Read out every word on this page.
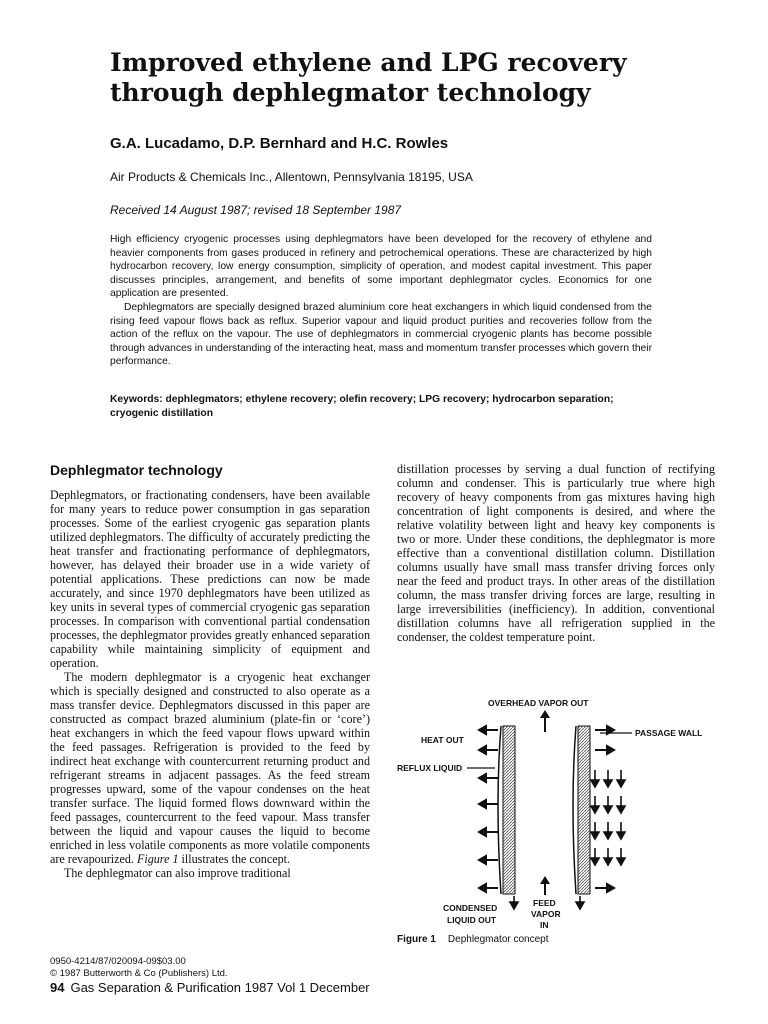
Improved ethylene and LPG recovery through dephlegmator technology
G.A. Lucadamo, D.P. Bernhard and H.C. Rowles
Air Products & Chemicals Inc., Allentown, Pennsylvania 18195, USA
Received 14 August 1987; revised 18 September 1987

High efficiency cryogenic processes using dephlegmators have been developed for the recovery of ethylene and heavier components from gases produced in refinery and petrochemical operations. These are characterized by high hydrocarbon recovery, low energy consumption, simplicity of operation, and modest capital investment. This paper discusses principles, arrangement, and benefits of some important dephlegmator cycles. Economics for one application are presented.

Dephlegmators are specially designed brazed aluminium core heat exchangers in which liquid condensed from the rising feed vapour flows back as reflux. Superior vapour and liquid product purities and recoveries follow from the action of the reflux on the vapour. The use of dephlegmators in commercial cryogenic plants has become possible through advances in understanding of the interacting heat, mass and momentum transfer processes which govern their performance.

Keywords: dephlegmators; ethylene recovery; olefin recovery; LPG recovery; hydrocarbon separation; cryogenic distillation
Dephlegmator technology

Dephlegmators, or fractionating condensers, have been available for many years to reduce power consumption in gas separation processes. Some of the earliest cryogenic gas separation plants utilized dephlegmators. The difficulty of accurately predicting the heat transfer and fractionating performance of dephlegmators, however, has delayed their broader use in a wide variety of potential applications. These predictions can now be made accurately, and since 1970 dephlegmators have been utilized as key units in several types of commercial cryogenic gas separation processes. In comparison with conventional partial condensation processes, the dephlegmator provides greatly enhanced separation capability while maintaining simplicity of equipment and operation.

The modern dephlegmator is a cryogenic heat exchanger which is specially designed and constructed to also operate as a mass transfer device. Dephlegmators discussed in this paper are constructed as compact brazed aluminium (plate-fin or ‘core’) heat exchangers in which the feed vapour flows upward within the feed passages. Refrigeration is provided to the feed by indirect heat exchange with countercurrent returning product and refrigerant streams in adjacent passages. As the feed stream progresses upward, some of the vapour condenses on the heat transfer surface. The liquid formed flows downward within the feed passages, countercurrent to the feed vapour. Mass transfer between the liquid and vapour causes the liquid to become enriched in less volatile components as more volatile components are revapourized. Figure 1 illustrates the concept.

The dephlegmator can also improve traditional

distillation processes by serving a dual function of rectifying column and condenser. This is particularly true where high recovery of heavy components from gas mixtures having high concentration of light components is desired, and where the relative volatility between light and heavy key components is two or more. Under these conditions, the dephlegmator is more effective than a conventional distillation column. Distillation columns usually have small mass transfer driving forces only near the feed and product trays. In other areas of the distillation column, the mass transfer driving forces are large, resulting in large irreversibilities (inefficiency). In addition, conventional distillation columns have all refrigeration supplied in the condenser, the coldest temperature point.

OVERHEAD VAPOR OUT
HEAT OUT
REFLUX LIQUID
PASSAGE WALL
CONDENSED
LIQUID OUT
FEED
VAPOR
IN
Figure 1 Dephlegmator concept
0950-4214/87/020094-09$03.00
© 1987 Butterworth & Co (Publishers) Ltd.
94 Gas Separation & Purification 1987 Vol 1 December
